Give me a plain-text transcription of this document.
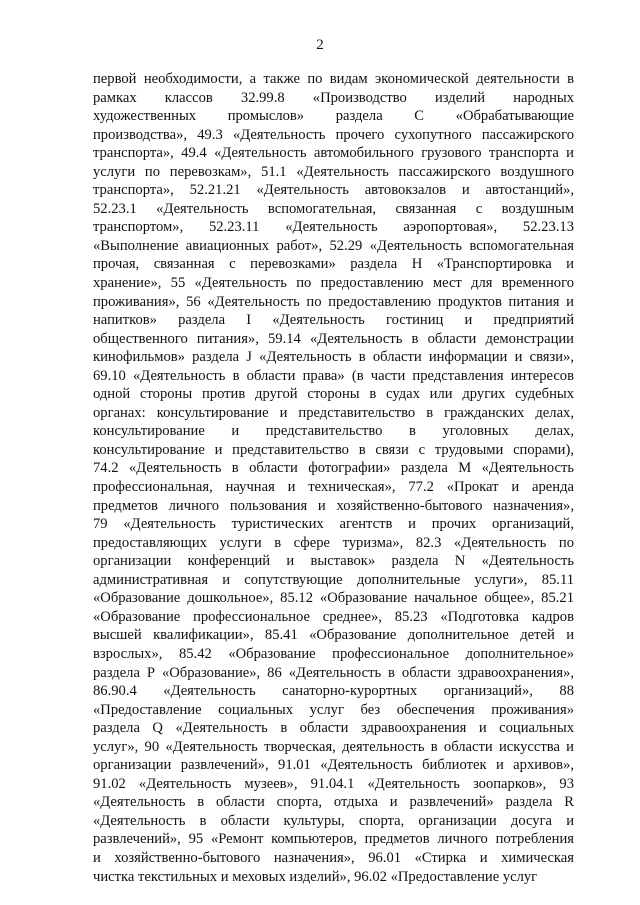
2
первой необходимости, а также по видам экономической деятельности в
рамках классов 32.99.8 «Производство изделий народных
художественных промыслов» раздела С «Обрабатывающие
производства», 49.3 «Деятельность прочего сухопутного пассажирского
транспорта», 49.4 «Деятельность автомобильного грузового транспорта и
услуги по перевозкам», 51.1 «Деятельность пассажирского воздушного
транспорта», 52.21.21 «Деятельность автовокзалов и автостанций»,
52.23.1 «Деятельность вспомогательная, связанная с воздушным
транспортом», 52.23.11 «Деятельность аэропортовая», 52.23.13
«Выполнение авиационных работ», 52.29 «Деятельность вспомогательная
прочая, связанная с перевозками» раздела Н «Транспортировка и
хранение», 55 «Деятельность по предоставлению мест для временного
проживания», 56 «Деятельность по предоставлению продуктов питания и
напитков» раздела I «Деятельность гостиниц и предприятий
общественного питания», 59.14 «Деятельность в области демонстрации
кинофильмов» раздела J «Деятельность в области информации и связи»,
69.10 «Деятельность в области права» (в части представления интересов
одной стороны против другой стороны в судах или других судебных
органах: консультирование и представительство в гражданских делах,
консультирование и представительство в уголовных делах,
консультирование и представительство в связи с трудовыми спорами),
74.2 «Деятельность в области фотографии» раздела М «Деятельность
профессиональная, научная и техническая», 77.2 «Прокат и аренда
предметов личного пользования и хозяйственно-бытового назначения»,
79 «Деятельность туристических агентств и прочих организаций,
предоставляющих услуги в сфере туризма», 82.3 «Деятельность по
организации конференций и выставок» раздела N «Деятельность
административная и сопутствующие дополнительные услуги», 85.11
«Образование дошкольное», 85.12 «Образование начальное общее», 85.21
«Образование профессиональное среднее», 85.23 «Подготовка кадров
высшей квалификации», 85.41 «Образование дополнительное детей и
взрослых», 85.42 «Образование профессиональное дополнительное»
раздела Р «Образование», 86 «Деятельность в области здравоохранения»,
86.90.4 «Деятельность санаторно-курортных организаций», 88
«Предоставление социальных услуг без обеспечения проживания»
раздела Q «Деятельность в области здравоохранения и социальных
услуг», 90 «Деятельность творческая, деятельность в области искусства и
организации развлечений», 91.01 «Деятельность библиотек и архивов»,
91.02 «Деятельность музеев», 91.04.1 «Деятельность зоопарков», 93
«Деятельность в области спорта, отдыха и развлечений» раздела R
«Деятельность в области культуры, спорта, организации досуга и
развлечений», 95 «Ремонт компьютеров, предметов личного потребления
и хозяйственно-бытового назначения», 96.01 «Стирка и химическая
чистка текстильных и меховых изделий», 96.02 «Предоставление услуг
